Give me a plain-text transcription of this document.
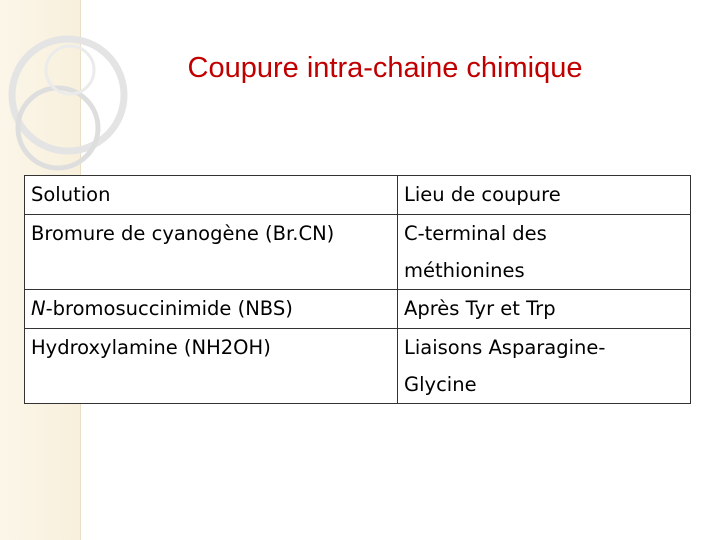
Coupure intra-chaine chimique
Solution	Lieu de coupure
Bromure de cyanogène (Br.CN)	C-terminal des
méthionines

N-bromosuccinimide (NBS)	Après Tyr et Trp
Hydroxylamine (NH2OH)	Liaisons Asparagine-
Glycine
